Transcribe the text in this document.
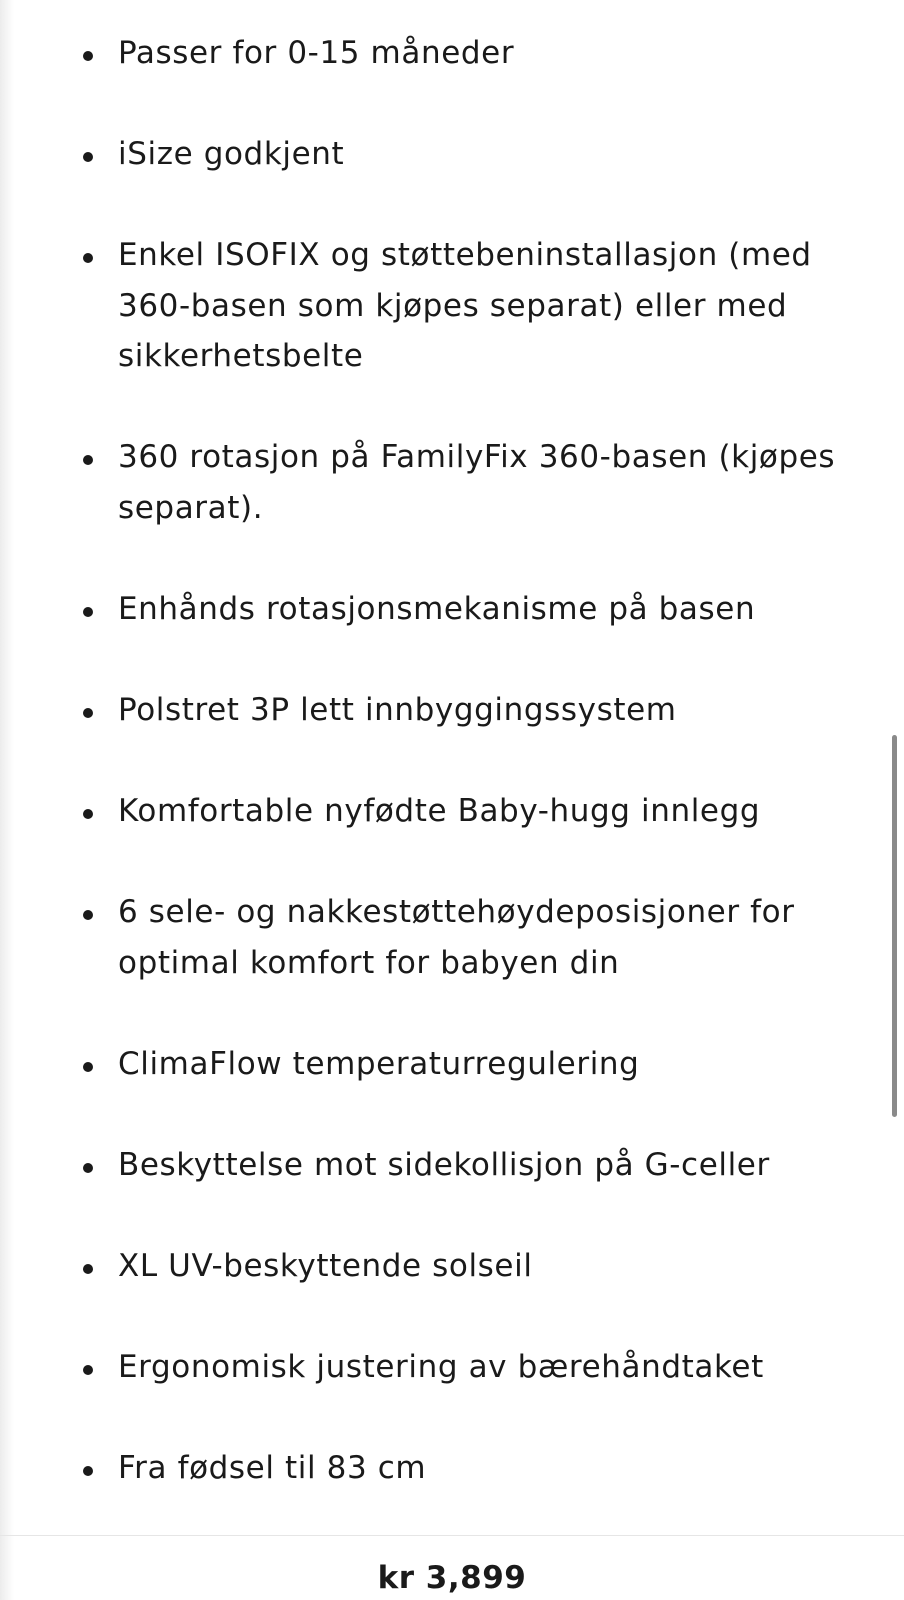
Passer for 0-15 måneder
iSize godkjent
Enkel ISOFIX og støttebeninstallasjon (med 360-basen som kjøpes separat) eller med sikkerhetsbelte
360 rotasjon på FamilyFix 360-basen (kjøpes separat).
Enhånds rotasjonsmekanisme på basen
Polstret 3P lett innbyggingssystem
Komfortable nyfødte Baby-hugg innlegg
6 sele- og nakkestøttehøydeposisjoner for optimal komfort for babyen din
ClimaFlow temperaturregulering
Beskyttelse mot sidekollisjon på G-celler
XL UV-beskyttende solseil
Ergonomisk justering av bærehåndtaket
Fra fødsel til 83 cm
kr 3,899
